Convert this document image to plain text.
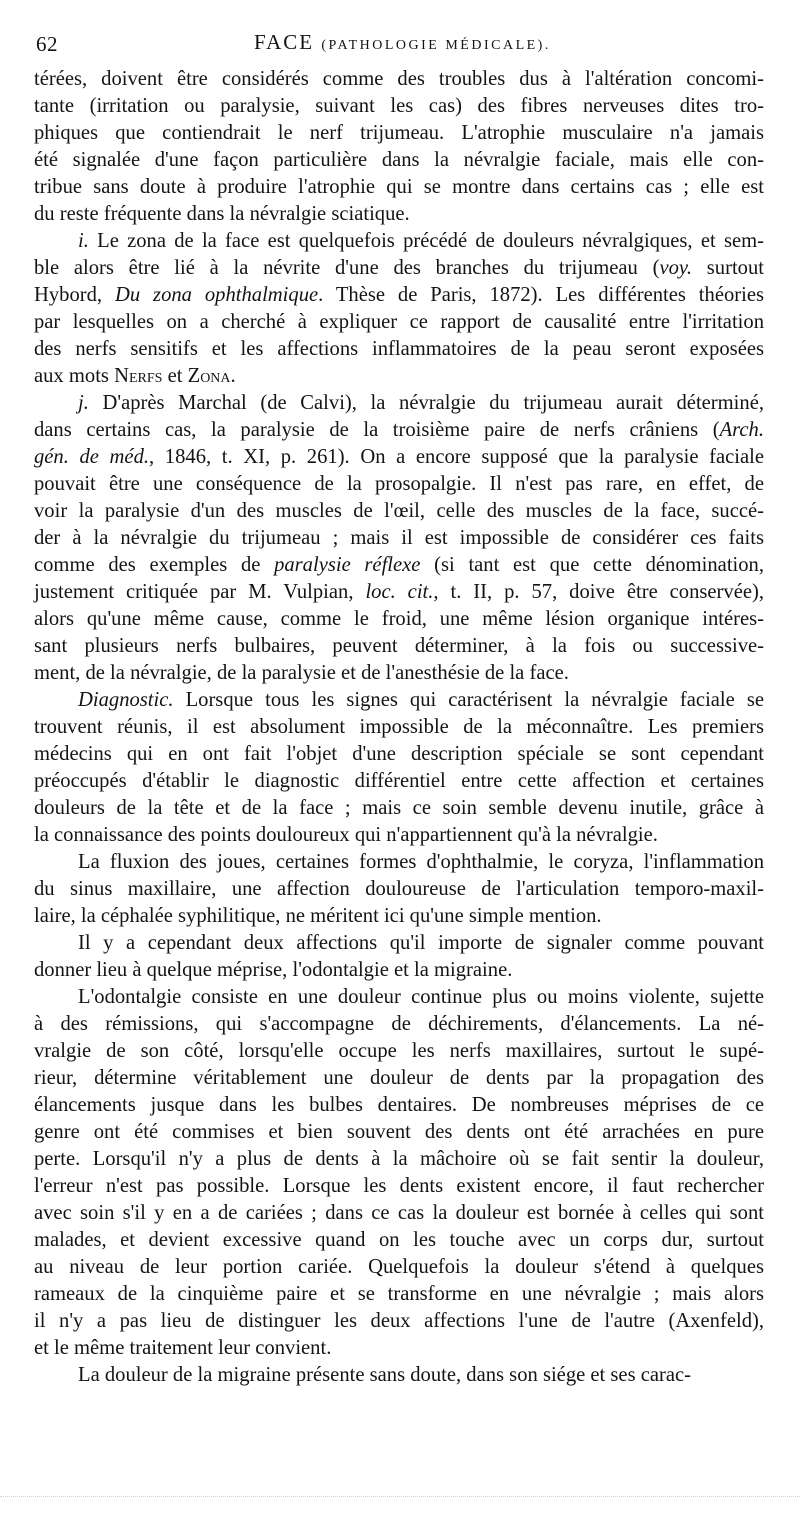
62	FACE (PATHOLOGIE MÉDICALE).

térées, doivent être considérés comme des troubles dus à l'altération concomi-

tante (irritation ou paralysie, suivant les cas) des fibres nerveuses dites tro-

phiques que contiendrait le nerf trijumeau. L'atrophie musculaire n'a jamais

été signalée d'une façon particulière dans la névralgie faciale, mais elle con-

tribue sans doute à produire l'atrophie qui se montre dans certains cas ; elle est

du reste fréquente dans la névralgie sciatique.

i. Le zona de la face est quelquefois précédé de douleurs névralgiques, et sem-

ble alors être lié à la névrite d'une des branches du trijumeau (voy. surtout

Hybord, Du zona ophthalmique. Thèse de Paris, 1872). Les différentes théories

par lesquelles on a cherché à expliquer ce rapport de causalité entre l'irritation

des nerfs sensitifs et les affections inflammatoires de la peau seront exposées

aux mots Nerfs et Zona.

j. D'après Marchal (de Calvi), la névralgie du trijumeau aurait déterminé,

dans certains cas, la paralysie de la troisième paire de nerfs crâniens (Arch.

gén. de méd., 1846, t. XI, p. 261). On a encore supposé que la paralysie faciale

pouvait être une conséquence de la prosopalgie. Il n'est pas rare, en effet, de

voir la paralysie d'un des muscles de l'œil, celle des muscles de la face, succé-

der à la névralgie du trijumeau ; mais il est impossible de considérer ces faits

comme des exemples de paralysie réflexe (si tant est que cette dénomination,

justement critiquée par M. Vulpian, loc. cit., t. II, p. 57, doive être conservée),

alors qu'une même cause, comme le froid, une même lésion organique intéres-

sant plusieurs nerfs bulbaires, peuvent déterminer, à la fois ou successive-

ment, de la névralgie, de la paralysie et de l'anesthésie de la face.

Diagnostic. Lorsque tous les signes qui caractérisent la névralgie faciale se

trouvent réunis, il est absolument impossible de la méconnaître. Les premiers

médecins qui en ont fait l'objet d'une description spéciale se sont cependant

préoccupés d'établir le diagnostic différentiel entre cette affection et certaines

douleurs de la tête et de la face ; mais ce soin semble devenu inutile, grâce à

la connaissance des points douloureux qui n'appartiennent qu'à la névralgie.

La fluxion des joues, certaines formes d'ophthalmie, le coryza, l'inflammation

du sinus maxillaire, une affection douloureuse de l'articulation temporo-maxil-

laire, la céphalée syphilitique, ne méritent ici qu'une simple mention.

Il y a cependant deux affections qu'il importe de signaler comme pouvant

donner lieu à quelque méprise, l'odontalgie et la migraine.

L'odontalgie consiste en une douleur continue plus ou moins violente, sujette

à des rémissions, qui s'accompagne de déchirements, d'élancements. La né-

vralgie de son côté, lorsqu'elle occupe les nerfs maxillaires, surtout le supé-

rieur, détermine véritablement une douleur de dents par la propagation des

élancements jusque dans les bulbes dentaires. De nombreuses méprises de ce

genre ont été commises et bien souvent des dents ont été arrachées en pure

perte. Lorsqu'il n'y a plus de dents à la mâchoire où se fait sentir la douleur,

l'erreur n'est pas possible. Lorsque les dents existent encore, il faut rechercher

avec soin s'il y en a de cariées ; dans ce cas la douleur est bornée à celles qui sont

malades, et devient excessive quand on les touche avec un corps dur, surtout

au niveau de leur portion cariée. Quelquefois la douleur s'étend à quelques

rameaux de la cinquième paire et se transforme en une névralgie ; mais alors

il n'y a pas lieu de distinguer les deux affections l'une de l'autre (Axenfeld),

et le même traitement leur convient.

La douleur de la migraine présente sans doute, dans son siége et ses carac-
